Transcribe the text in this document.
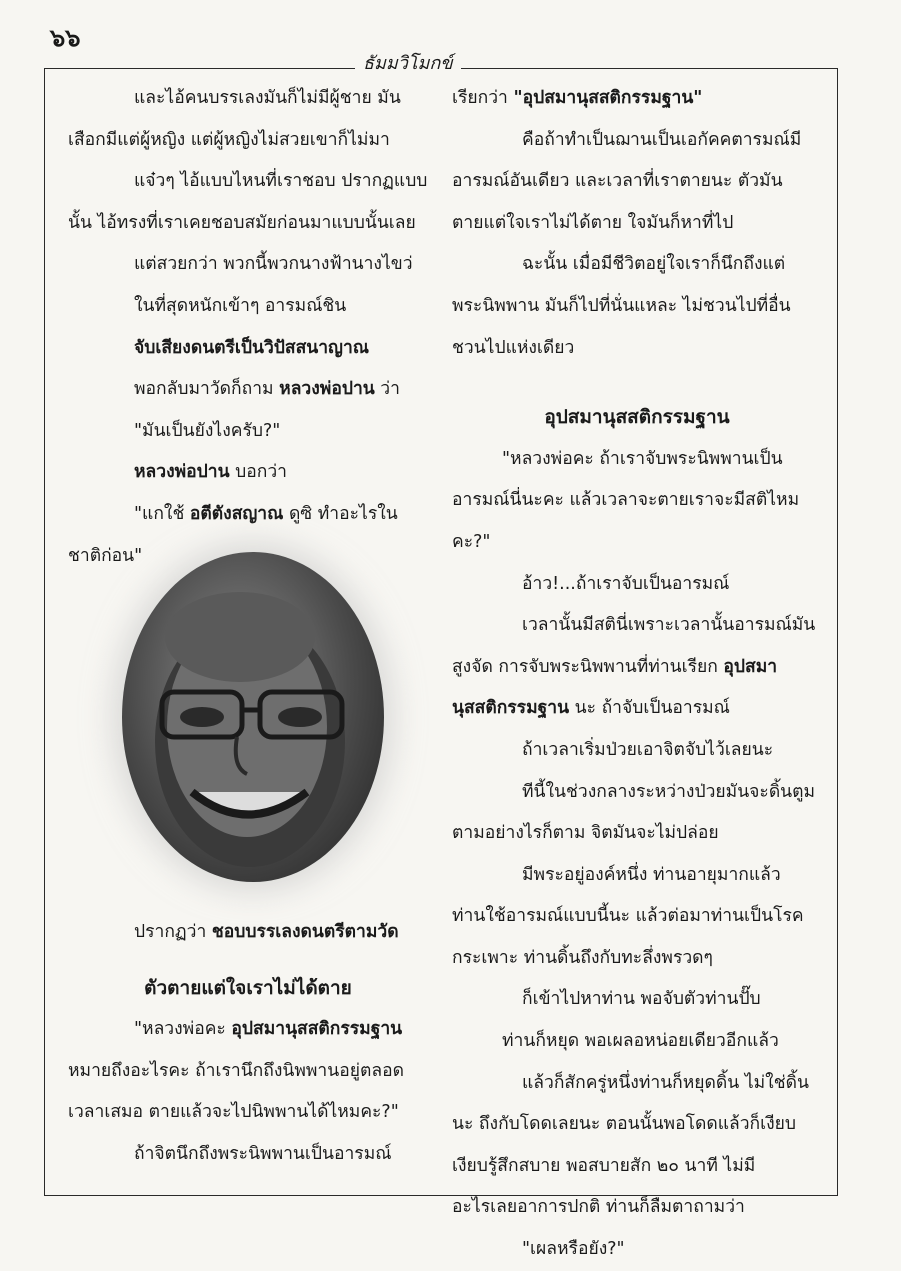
๖๖
ธัมมวิโมกข์

และไอ้คนบรรเลงมันก็ไม่มีผู้ชาย มัน

เสือกมีแต่ผู้หญิง แต่ผู้หญิงไม่สวยเขาก็ไม่มา

แจ๋วๆ ไอ้แบบไหนที่เราชอบ ปรากฏแบบ

นั้น ไอ้ทรงที่เราเคยชอบสมัยก่อนมาแบบนั้นเลย

แต่สวยกว่า พวกนี้พวกนางฟ้านางไขว่

ในที่สุดหนักเข้าๆ อารมณ์ชิน

จับเสียงดนตรีเป็นวิปัสสนาญาณ

พอกลับมาวัดก็ถาม หลวงพ่อปาน ว่า

"มันเป็นยังไงครับ?"

หลวงพ่อปาน บอกว่า

"แกใช้ อตีตังสญาณ ดูซิ ทำอะไรใน

ชาติก่อน"

ปรากฏว่า ชอบบรรเลงดนตรีตามวัด

ตัวตายแต่ใจเราไม่ได้ตาย

"หลวงพ่อคะ อุปสมานุสสติกรรมฐาน

หมายถึงอะไรคะ ถ้าเรานึกถึงนิพพานอยู่ตลอด

เวลาเสมอ ตายแล้วจะไปนิพพานได้ไหมคะ?"

ถ้าจิตนึกถึงพระนิพพานเป็นอารมณ์

เรียกว่า "อุปสมานุสสติกรรมฐาน"

คือถ้าทำเป็นฌานเป็นเอกัคคตารมณ์มี

อารมณ์อันเดียว และเวลาที่เราตายนะ ตัวมัน

ตายแต่ใจเราไม่ได้ตาย ใจมันก็หาที่ไป

ฉะนั้น เมื่อมีชีวิตอยู่ใจเราก็นึกถึงแต่

พระนิพพาน มันก็ไปที่นั่นแหละ ไม่ชวนไปที่อื่น

ชวนไปแห่งเดียว

อุปสมานุสสติกรรมฐาน

"หลวงพ่อคะ ถ้าเราจับพระนิพพานเป็น

อารมณ์นี่นะคะ แล้วเวลาจะตายเราจะมีสติไหม

คะ?"

อ้าว!...ถ้าเราจับเป็นอารมณ์

เวลานั้นมีสตินี่เพราะเวลานั้นอารมณ์มัน

สูงจัด การจับพระนิพพานที่ท่านเรียก อุปสมา

นุสสติกรรมฐาน นะ ถ้าจับเป็นอารมณ์

ถ้าเวลาเริ่มป่วยเอาจิตจับไว้เลยนะ

ทีนี้ในช่วงกลางระหว่างป่วยมันจะดิ้นตูม

ตามอย่างไรก็ตาม จิตมันจะไม่ปล่อย

มีพระอยู่องค์หนึ่ง ท่านอายุมากแล้ว

ท่านใช้อารมณ์แบบนี้นะ แล้วต่อมาท่านเป็นโรค

กระเพาะ ท่านดิ้นถึงกับทะลึ่งพรวดๆ

ก็เข้าไปหาท่าน พอจับตัวท่านปั๊บ

ท่านก็หยุด พอเผลอหน่อยเดียวอีกแล้ว

แล้วก็สักครู่หนึ่งท่านก็หยุดดิ้น ไม่ใช่ดิ้น

นะ ถึงกับโดดเลยนะ ตอนนั้นพอโดดแล้วก็เงียบ

เงียบรู้สึกสบาย พอสบายสัก ๒๐ นาที ไม่มี

อะไรเลยอาการปกติ ท่านก็ลืมตาถามว่า

"เผลหรือยัง?"
